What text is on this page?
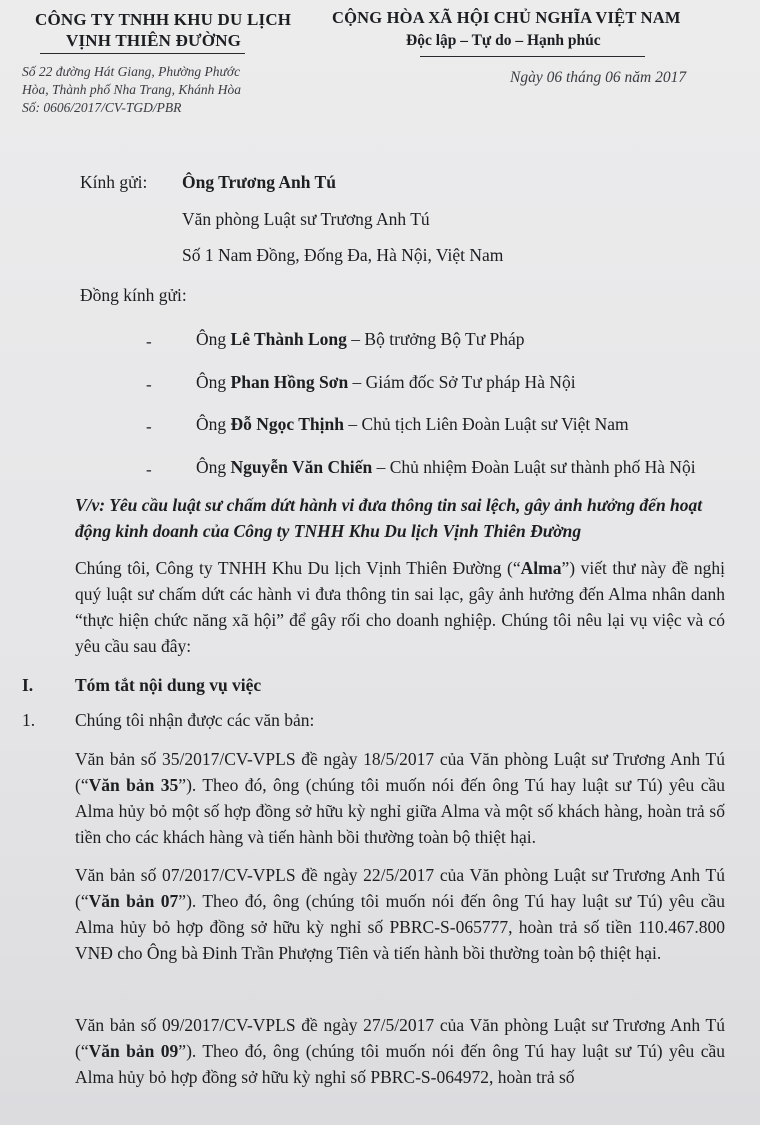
CÔNG TY TNHH KHU DU LỊCH
VỊNH THIÊN ĐƯỜNG
Số 22 đường Hát Giang, Phường Phước
Hòa, Thành phố Nha Trang, Khánh Hòa
Số: 0606/2017/CV-TGD/PBR
CỘNG HÒA XÃ HỘI CHỦ NGHĨA VIỆT NAM
Độc lập – Tự do – Hạnh phúc
Ngày 06 tháng 06 năm 2017
Kính gửi: Ông Trương Anh Tú
Văn phòng Luật sư Trương Anh Tú
Số 1 Nam Đồng, Đống Đa, Hà Nội, Việt Nam
Đồng kính gửi:
-	Ông Lê Thành Long – Bộ trưởng Bộ Tư Pháp
-	Ông Phan Hồng Sơn – Giám đốc Sở Tư pháp Hà Nội
-	Ông Đỗ Ngọc Thịnh – Chủ tịch Liên Đoàn Luật sư Việt Nam
-	Ông Nguyễn Văn Chiến – Chủ nhiệm Đoàn Luật sư thành phố Hà Nội
V/v: Yêu cầu luật sư chấm dứt hành vi đưa thông tin sai lệch, gây ảnh hưởng đến hoạt
động kinh doanh của Công ty TNHH Khu Du lịch Vịnh Thiên Đường
Chúng tôi, Công ty TNHH Khu Du lịch Vịnh Thiên Đường (“Alma”) viết thư này đề nghị quý luật sư chấm dứt các hành vi đưa thông tin sai lạc, gây ảnh hưởng đến Alma nhân danh “thực hiện chức năng xã hội” để gây rối cho doanh nghiệp. Chúng tôi nêu lại vụ việc và có yêu cầu sau đây:
I. Tóm tắt nội dung vụ việc
1. Chúng tôi nhận được các văn bản:
Văn bản số 35/2017/CV-VPLS đề ngày 18/5/2017 của Văn phòng Luật sư Trương Anh Tú (“Văn bản 35”). Theo đó, ông (chúng tôi muốn nói đến ông Tú hay luật sư Tú) yêu cầu Alma hủy bỏ một số hợp đồng sở hữu kỳ nghỉ giữa Alma và một số khách hàng, hoàn trả số tiền cho các khách hàng và tiến hành bồi thường toàn bộ thiệt hại.
Văn bản số 07/2017/CV-VPLS đề ngày 22/5/2017 của Văn phòng Luật sư Trương Anh Tú (“Văn bản 07”). Theo đó, ông (chúng tôi muốn nói đến ông Tú hay luật sư Tú) yêu cầu Alma hủy bỏ hợp đồng sở hữu kỳ nghỉ số PBRC-S-065777, hoàn trả số tiền 110.467.800 VNĐ cho Ông bà Đinh Trần Phượng Tiên và tiến hành bồi thường toàn bộ thiệt hại.
Văn bản số 09/2017/CV-VPLS đề ngày 27/5/2017 của Văn phòng Luật sư Trương Anh Tú (“Văn bản 09”). Theo đó, ông (chúng tôi muốn nói đến ông Tú hay luật sư Tú) yêu cầu Alma hủy bỏ hợp đồng sở hữu kỳ nghỉ số PBRC-S-064972, hoàn trả số
